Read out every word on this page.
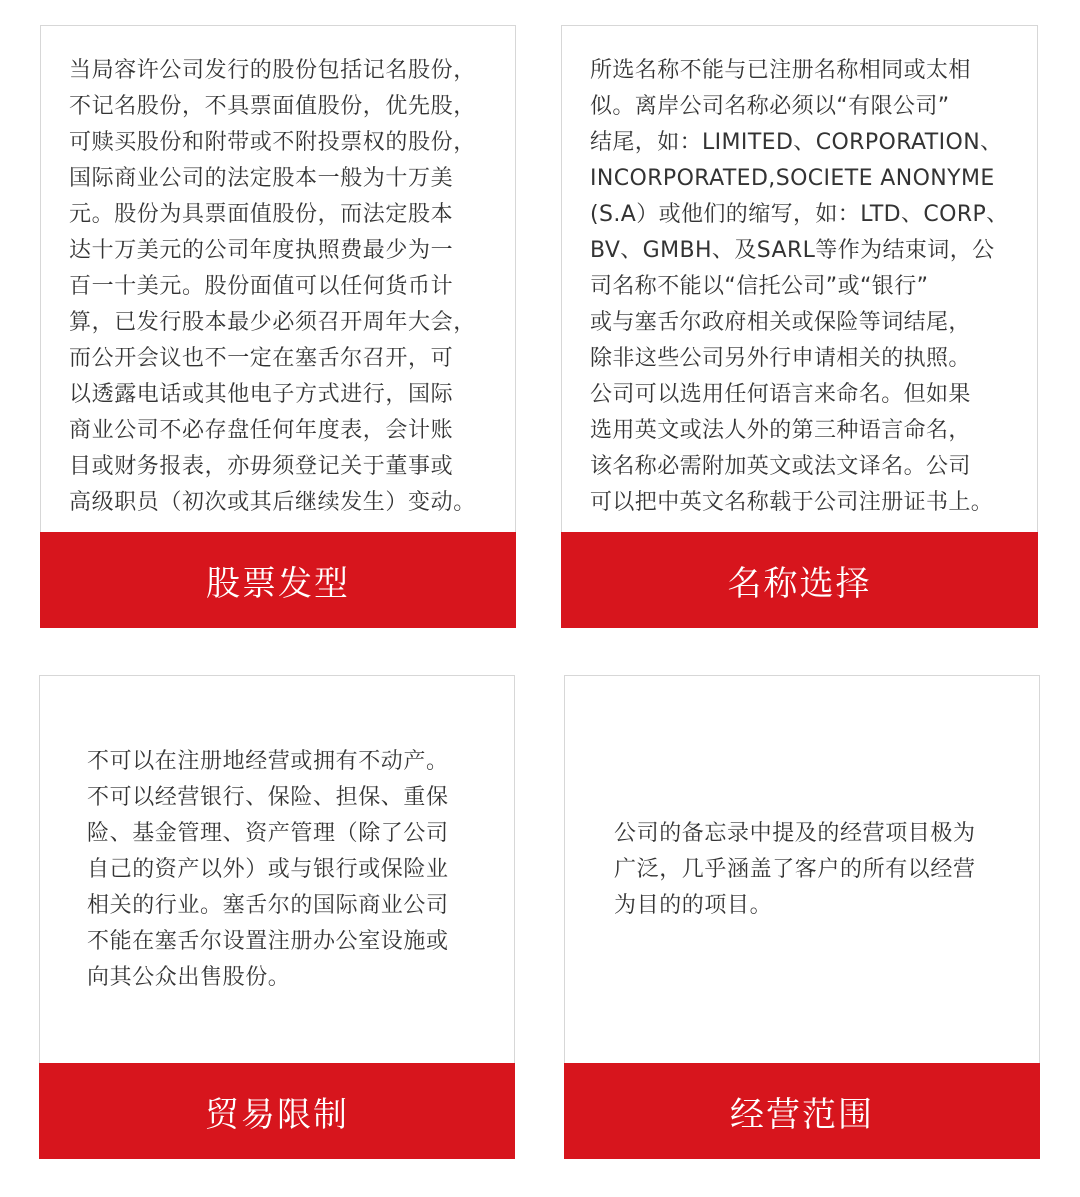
当局容许公司发行的股份包括记名股份，
不记名股份，不具票面值股份，优先股，
可赎买股份和附带或不附投票权的股份，
国际商业公司的法定股本一般为十万美
元。股份为具票面值股份，而法定股本
达十万美元的公司年度执照费最少为一
百一十美元。股份面值可以任何货币计
算，已发行股本最少必须召开周年大会，
而公开会议也不一定在塞舌尔召开，可
以透露电话或其他电子方式进行，国际
商业公司不必存盘任何年度表，会计账
目或财务报表，亦毋须登记关于董事或
高级职员（初次或其后继续发生）变动。
股票发型
所选名称不能与已注册名称相同或太相
似。离岸公司名称必须以“有限公司”
结尾，如：LIMITED、CORPORATION、
INCORPORATED,SOCIETE ANONYME
(S.A）或他们的缩写，如：LTD、CORP、
BV、GMBH、及SARL等作为结束词，公
司名称不能以“信托公司”或“银行”
或与塞舌尔政府相关或保险等词结尾，
除非这些公司另外行申请相关的执照。
公司可以选用任何语言来命名。但如果
选用英文或法人外的第三种语言命名，
该名称必需附加英文或法文译名。公司
可以把中英文名称载于公司注册证书上。
名称选择
不可以在注册地经营或拥有不动产。
不可以经营银行、保险、担保、重保
险、基金管理、资产管理（除了公司
自己的资产以外）或与银行或保险业
相关的行业。塞舌尔的国际商业公司
不能在塞舌尔设置注册办公室设施或
向其公众出售股份。
贸易限制
公司的备忘录中提及的经营项目极为
广泛，几乎涵盖了客户的所有以经营
为目的的项目。
经营范围
